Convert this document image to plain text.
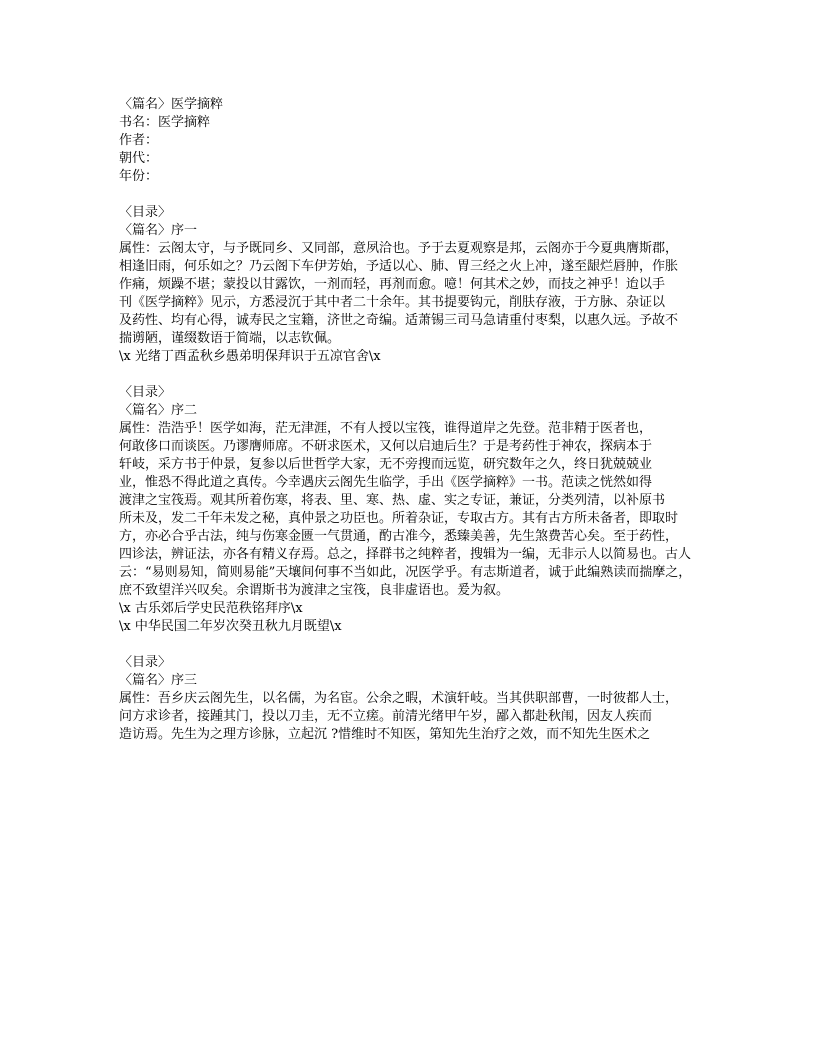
〈篇名〉医学摘粹
书名：医学摘粹
作者：
朝代：
年份：
〈目录〉
〈篇名〉序一
属性：云阁太守，与予既同乡、又同部，意夙洽也。予于去夏观察是邦，云阁亦于今夏典膺斯郡，
相逢旧雨，何乐如之？乃云阁下车伊芳始，予适以心、肺、胃三经之火上冲，遂至龈烂唇肿，作胀
作痛，烦躁不堪；蒙投以甘露饮，一剂而轻，再剂而愈。噫！何其术之妙，而技之神乎！迨以手
刊《医学摘粹》见示，方悉浸沉于其中者二十余年。其书提要钩元，削肤存液，于方脉、杂证以
及药性、均有心得，诚寿民之宝籍，济世之奇编。适萧锡三司马急请重付枣梨，以惠久远。予故不
揣谫陋，谨缀数语于简端，以志钦佩。
\x 光绪丁酉孟秋乡愚弟明保拜识于五凉官舍\x
〈目录〉
〈篇名〉序二
属性：浩浩乎！医学如海，茫无津涯，不有人授以宝筏，谁得道岸之先登。范非精于医者也，
何敢侈口而谈医。乃谬膺师席。不研求医术，又何以启迪后生？于是考药性于神农，探病本于
轩岐，采方书于仲景，复参以后世哲学大家，无不旁搜而远览，研究数年之久，终日犹兢兢业
业，惟恐不得此道之真传。今幸遇庆云阁先生临学，手出《医学摘粹》一书。范读之恍然如得
渡津之宝筏焉。观其所着伤寒，将表、里、寒、热、虚、实之专证，兼证，分类列清，以补原书
所未及，发二千年未发之秘，真仲景之功臣也。所着杂证，专取古方。其有古方所未备者，即取时
方，亦必合乎古法，纯与伤寒金匮一气贯通，酌古准今，悉臻美善，先生煞费苦心矣。至于药性，
四诊法，辨证法，亦各有精义存焉。总之，择群书之纯粹者，搜辑为一编，无非示人以简易也。古人
云：“易则易知，简则易能”天壤间何事不当如此，况医学乎。有志斯道者，诚于此编熟读而揣摩之，
庶不致望洋兴叹矣。余谓斯书为渡津之宝筏，良非虚语也。爰为叙。
\x 古乐郊后学史民范秩铭拜序\x
\x 中华民国二年岁次癸丑秋九月既望\x
〈目录〉
〈篇名〉序三
属性：吾乡庆云阁先生，以名儒，为名宦。公余之暇，术演轩岐。当其供职部曹，一时彼都人士，
问方求诊者，接踵其门，投以刀圭，无不立瘥。前清光绪甲午岁，鄙入都赴秋闱，因友人疾而
造访焉。先生为之理方诊脉，立起沉 ?惜维时不知医，第知先生治疗之效，而不知先生医术之
